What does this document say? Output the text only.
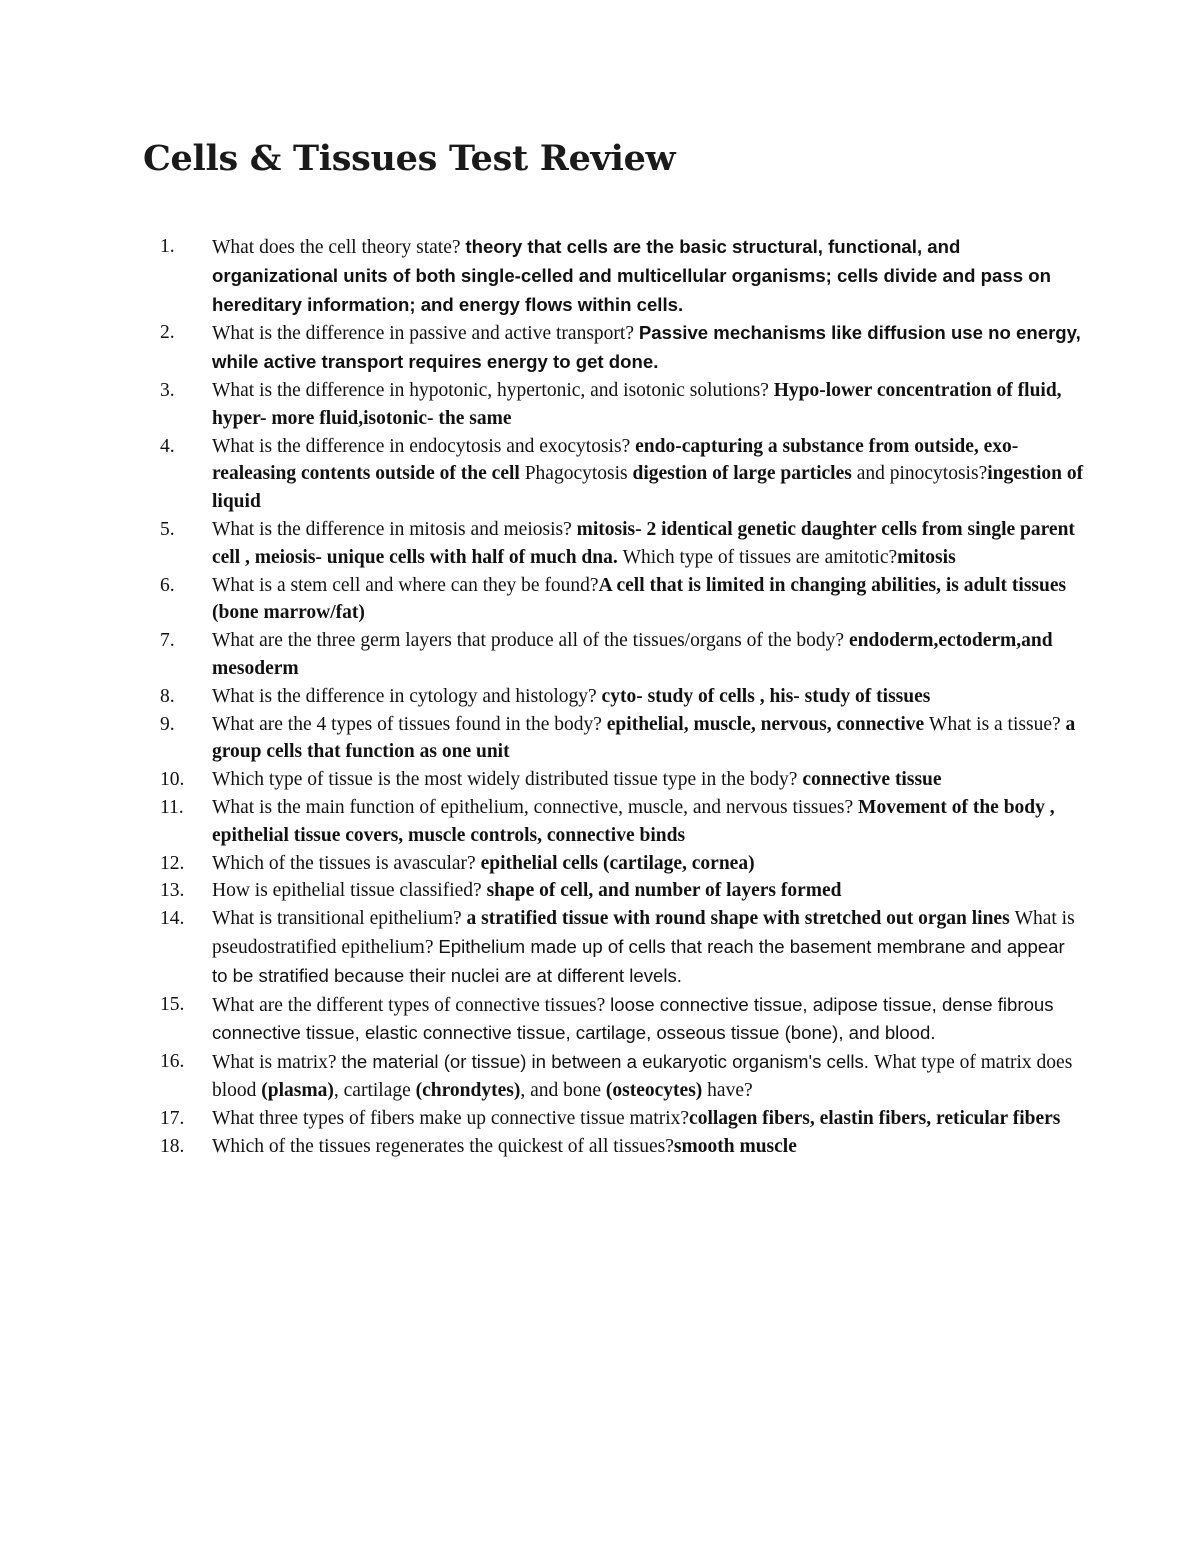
Cells & Tissues Test Review
1. What does the cell theory state? theory that cells are the basic structural, functional, and organizational units of both single-celled and multicellular organisms; cells divide and pass on hereditary information; and energy flows within cells.
2. What is the difference in passive and active transport? Passive mechanisms like diffusion use no energy, while active transport requires energy to get done.
3. What is the difference in hypotonic, hypertonic, and isotonic solutions? Hypo-lower concentration of fluid, hyper- more fluid,isotonic- the same
4. What is the difference in endocytosis and exocytosis? endo-capturing a substance from outside, exo-realeasing contents outside of the cell Phagocytosis digestion of large particles and pinocytosis?ingestion of liquid
5. What is the difference in mitosis and meiosis? mitosis- 2 identical genetic daughter cells from single parent cell , meiosis- unique cells with half of much dna. Which type of tissues are amitotic?mitosis
6. What is a stem cell and where can they be found?A cell that is limited in changing abilities, is adult tissues (bone marrow/fat)
7. What are the three germ layers that produce all of the tissues/organs of the body? endoderm,ectoderm,and mesoderm
8. What is the difference in cytology and histology? cyto- study of cells , his- study of tissues
9. What are the 4 types of tissues found in the body? epithelial, muscle, nervous, connective What is a tissue? a group cells that function as one unit
10. Which type of tissue is the most widely distributed tissue type in the body? connective tissue
11. What is the main function of epithelium, connective, muscle, and nervous tissues? Movement of the body , epithelial tissue covers, muscle controls, connective binds
12. Which of the tissues is avascular? epithelial cells (cartilage, cornea)
13. How is epithelial tissue classified? shape of cell, and number of layers formed
14. What is transitional epithelium? a stratified tissue with round shape with stretched out organ lines What is pseudostratified epithelium? Epithelium made up of cells that reach the basement membrane and appear to be stratified because their nuclei are at different levels.
15. What are the different types of connective tissues? loose connective tissue, adipose tissue, dense fibrous connective tissue, elastic connective tissue, cartilage, osseous tissue (bone), and blood.
16. What is matrix? the material (or tissue) in between a eukaryotic organism's cells. What type of matrix does blood (plasma), cartilage (chrondytes), and bone (osteocytes) have?
17. What three types of fibers make up connective tissue matrix?collagen fibers, elastin fibers, reticular fibers
18. Which of the tissues regenerates the quickest of all tissues?smooth muscle
